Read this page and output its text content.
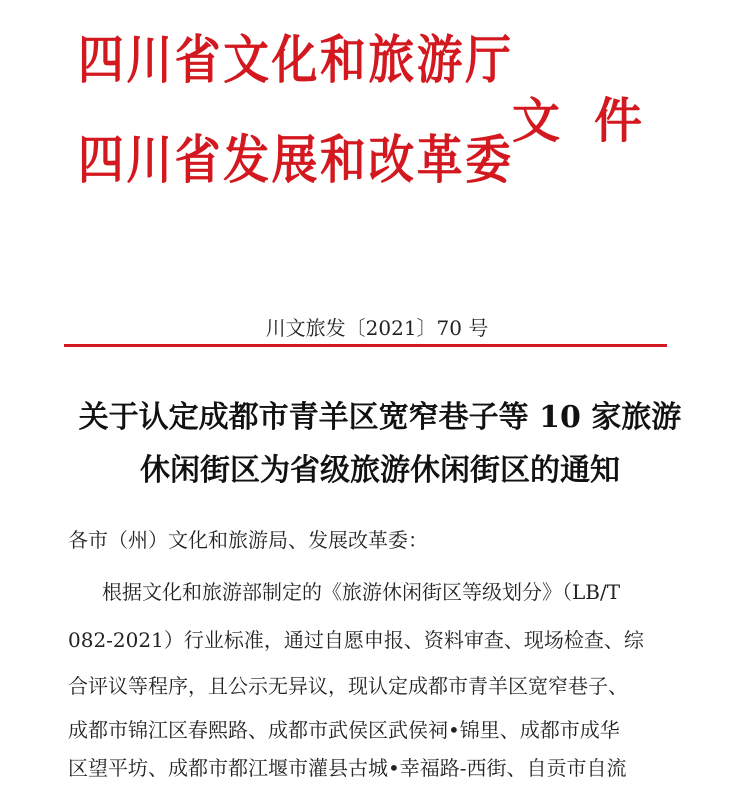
四川省文化和旅游厅
四川省发展和改革委
文件
川文旅发〔2021〕70 号
关于认定成都市青羊区宽窄巷子等 10 家旅游
休闲街区为省级旅游休闲街区的通知
各市（州）文化和旅游局、发展改革委：
根据文化和旅游部制定的《旅游休闲街区等级划分》（LB/T
082-2021）行业标准，通过自愿申报、资料审查、现场检查、综
合评议等程序，且公示无异议，现认定成都市青羊区宽窄巷子、
成都市锦江区春熙路、成都市武侯区武侯祠•锦里、成都市成华
区望平坊、成都市都江堰市灌县古城•幸福路-西街、自贡市自流
